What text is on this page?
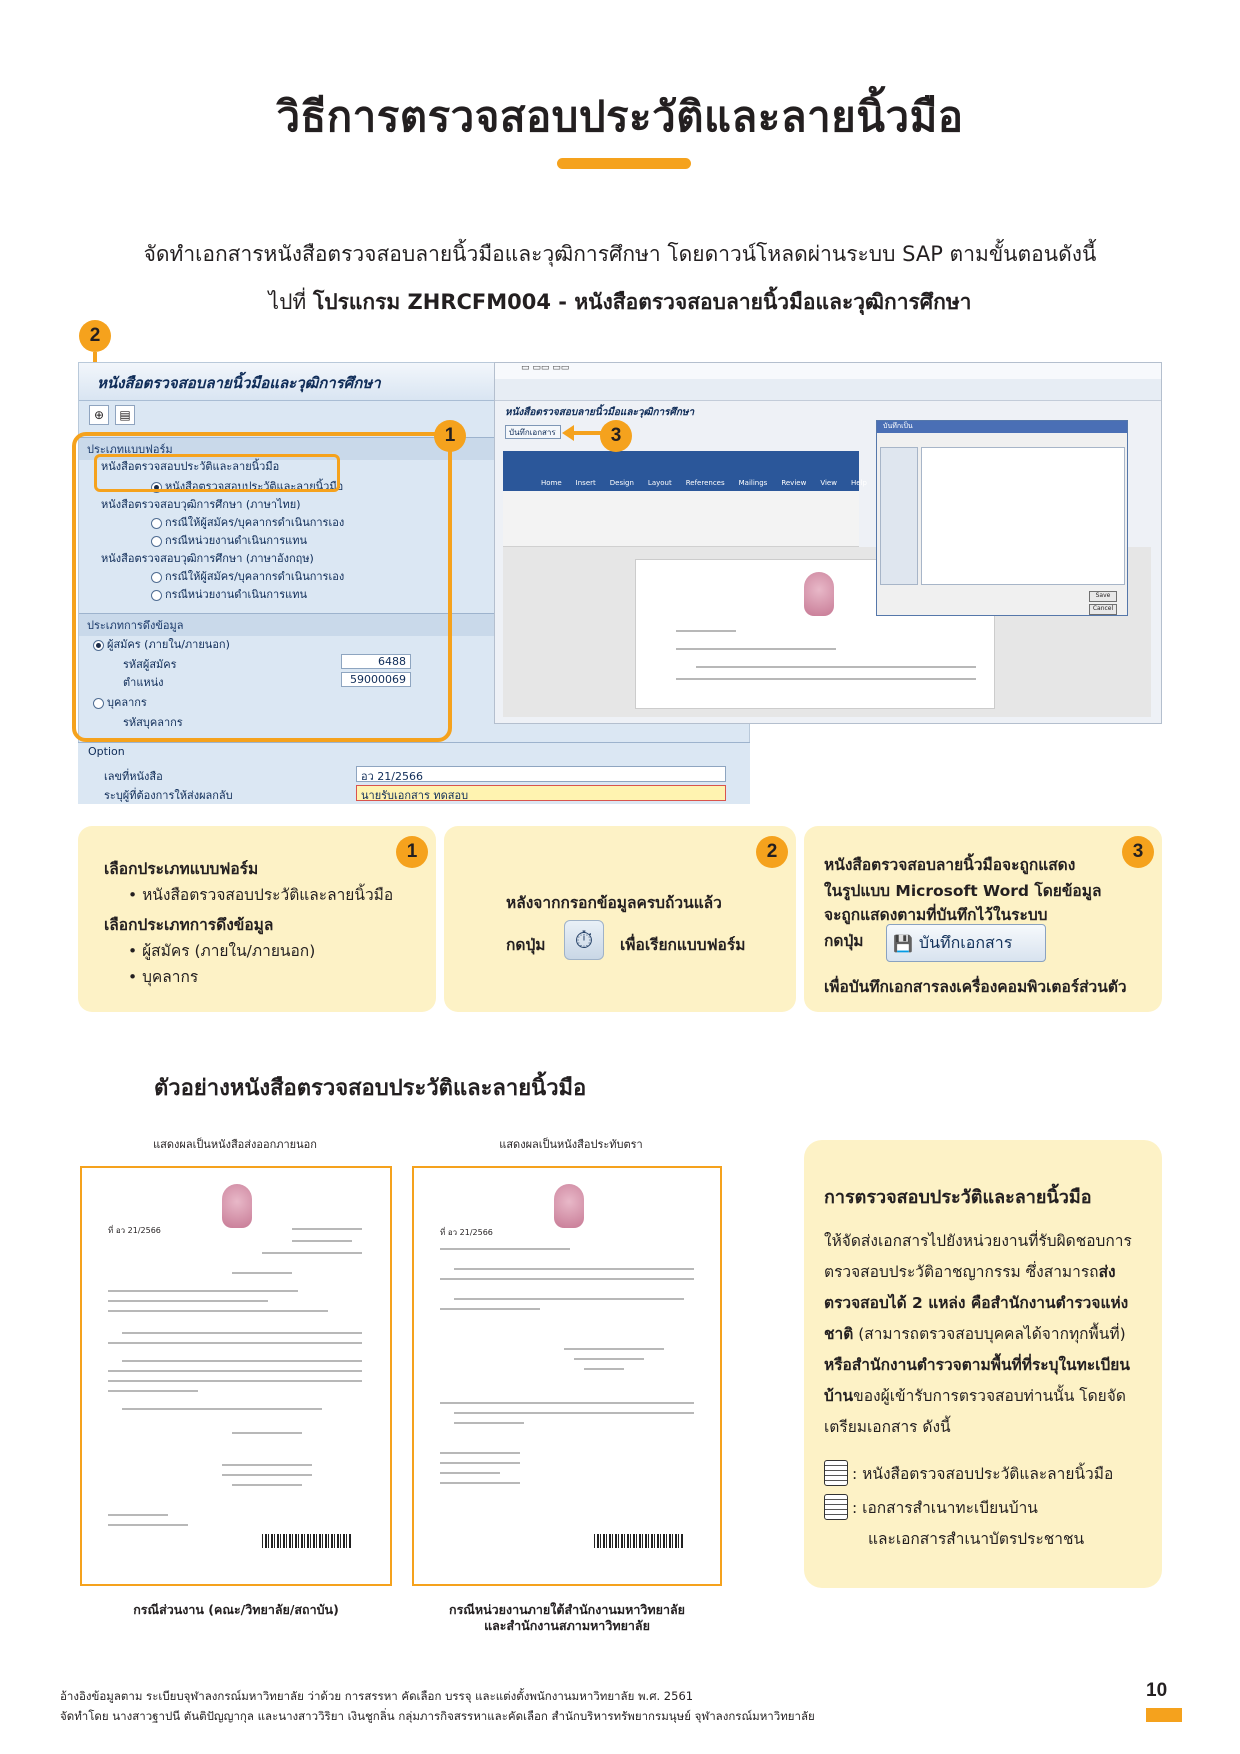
วิธีการตรวจสอบประวัติและลายนิ้วมือ
จัดทำเอกสารหนังสือตรวจสอบลายนิ้วมือและวุฒิการศึกษา โดยดาวน์โหลดผ่านระบบ SAP ตามขั้นตอนดังนี้
ไปที่ โปรแกรม ZHRCFM004 - หนังสือตรวจสอบลายนิ้วมือและวุฒิการศึกษา
2
หนังสือตรวจสอบลายนิ้วมือและวุฒิการศึกษา
⊕	▤
ประเภทแบบฟอร์ม
หนังสือตรวจสอบประวัติและลายนิ้วมือ
หนังสือตรวจสอบประวัติและลายนิ้วมือ
หนังสือตรวจสอบวุฒิการศึกษา (ภาษาไทย)
กรณีให้ผู้สมัคร/บุคลากรดำเนินการเอง
กรณีหน่วยงานดำเนินการแทน
หนังสือตรวจสอบวุฒิการศึกษา (ภาษาอังกฤษ)
กรณีให้ผู้สมัคร/บุคลากรดำเนินการเอง
กรณีหน่วยงานดำเนินการแทน
ประเภทการดึงข้อมูล
ผู้สมัคร (ภายใน/ภายนอก)
รหัสผู้สมัคร	6488
ตำแหน่ง	59000069
บุคลากร
รหัสบุคลากร
▭ ▭▭ ▭▭
หนังสือตรวจสอบลายนิ้วมือและวุฒิการศึกษา
บันทึกเอกสาร
Home Insert Design Layout References Mailings Review View Help
บันทึกเป็น
Save
Cancel
Option
เลขที่หนังสือ	อว 21/2566
ระบุผู้ที่ต้องการให้ส่งผลกลับ	นายรับเอกสาร ทดสอบ
1	3
1
เลือกประเภทแบบฟอร์ม
• หนังสือตรวจสอบประวัติและลายนิ้วมือ
เลือกประเภทการดึงข้อมูล
• ผู้สมัคร (ภายใน/ภายนอก)
• บุคลากร
2
หลังจากกรอกข้อมูลครบถ้วนแล้ว
กดปุ่ม	⏱	เพื่อเรียกแบบฟอร์ม
3
หนังสือตรวจสอบลายนิ้วมือจะถูกแสดง
ในรูปแบบ Microsoft Word โดยข้อมูล
จะถูกแสดงตามที่บันทึกไว้ในระบบ
กดปุ่ม 💾 บันทึกเอกสาร
เพื่อบันทึกเอกสารลงเครื่องคอมพิวเตอร์ส่วนตัว
ตัวอย่างหนังสือตรวจสอบประวัติและลายนิ้วมือ
แสดงผลเป็นหนังสือส่งออกภายนอก	แสดงผลเป็นหนังสือประทับตรา
ที่ อว 21/2566	ที่ อว 21/2566
กรณีส่วนงาน (คณะ/วิทยาลัย/สถาบัน)	กรณีหน่วยงานภายใต้สำนักงานมหาวิทยาลัย
และสำนักงานสภามหาวิทยาลัย
การตรวจสอบประวัติและลายนิ้วมือ
ให้จัดส่งเอกสารไปยังหน่วยงานที่รับผิดชอบการตรวจสอบประวัติอาชญากรรม ซึ่งสามารถส่งตรวจสอบได้ 2 แหล่ง คือสำนักงานตำรวจแห่งชาติ (สามารถตรวจสอบบุคคลได้จากทุกพื้นที่) หรือสำนักงานตำรวจตามพื้นที่ที่ระบุในทะเบียนบ้านของผู้เข้ารับการตรวจสอบท่านนั้น โดยจัดเตรียมเอกสาร ดังนี้
: หนังสือตรวจสอบประวัติและลายนิ้วมือ
: เอกสารสำเนาทะเบียนบ้าน
และเอกสารสำเนาบัตรประชาชน
อ้างอิงข้อมูลตาม ระเบียบจุฬาลงกรณ์มหาวิทยาลัย ว่าด้วย การสรรหา คัดเลือก บรรจุ และแต่งตั้งพนักงานมหาวิทยาลัย พ.ศ. 2561
จัดทำโดย นางสาวฐาปนี ตันติปัญญากุล และนางสาววิริยา เงินชูกลิ่น กลุ่มภารกิจสรรหาและคัดเลือก สำนักบริหารทรัพยากรมนุษย์ จุฬาลงกรณ์มหาวิทยาลัย
10
